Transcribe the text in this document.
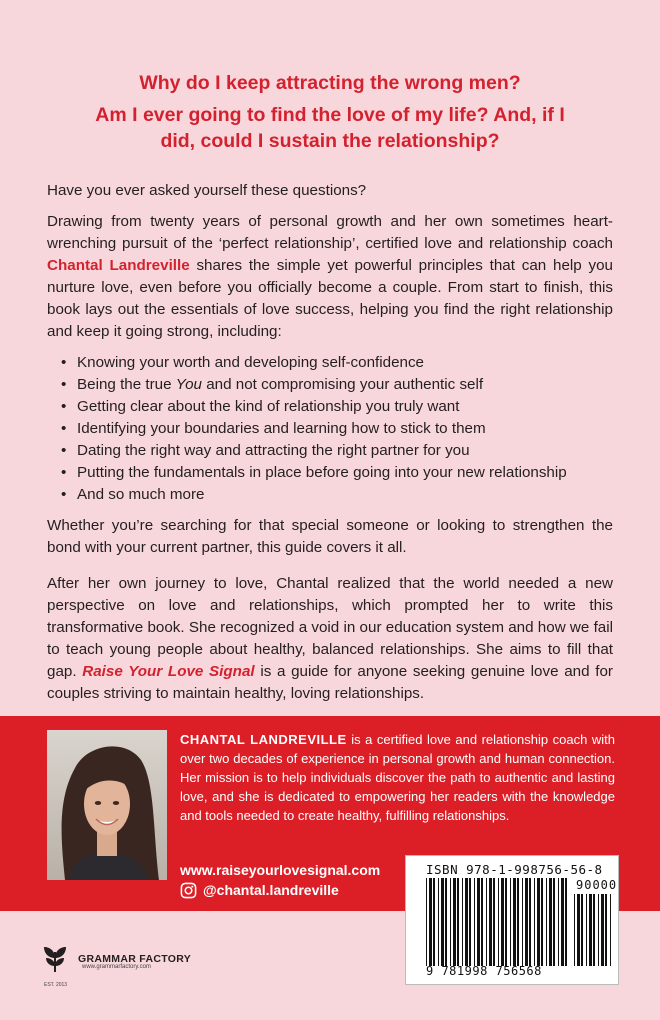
Why do I keep attracting the wrong men?

Am I ever going to find the love of my life? And, if I did, could I sustain the relationship?

Have you ever asked yourself these questions?

Drawing from twenty years of personal growth and her own sometimes heart-wrenching pursuit of the ‘perfect relationship’, certified love and relationship coach Chantal Landreville shares the simple yet powerful principles that can help you nurture love, even before you officially become a couple. From start to finish, this book lays out the essentials of love success, helping you find the right relationship and keep it going strong, including:

• Knowing your worth and developing self-confidence
• Being the true You and not compromising your authentic self
• Getting clear about the kind of relationship you truly want
• Identifying your boundaries and learning how to stick to them
• Dating the right way and attracting the right partner for you
• Putting the fundamentals in place before going into your new relationship
• And so much more

Whether you’re searching for that special someone or looking to strengthen the bond with your current partner, this guide covers it all.

After her own journey to love, Chantal realized that the world needed a new perspective on love and relationships, which prompted her to write this transformative book. She recognized a void in our education system and how we fail to teach young people about healthy, balanced relationships. She aims to fill that gap. Raise Your Love Signal is a guide for anyone seeking genuine love and for couples striving to maintain healthy, loving relationships.

CHANTAL LANDREVILLE is a certified love and relationship coach with over two decades of experience in personal growth and human connection. Her mission is to help individuals discover the path to authentic and lasting love, and she is dedicated to empowering her readers with the knowledge and tools needed to create healthy, fulfilling relationships.
www.raiseyourlovesignal.com
@chantal.landreville
ISBN 978-1-998756-56-8
90000
9 781998 756568
GRAMMAR FACTORY
EST. 2013
www.grammarfactory.com
